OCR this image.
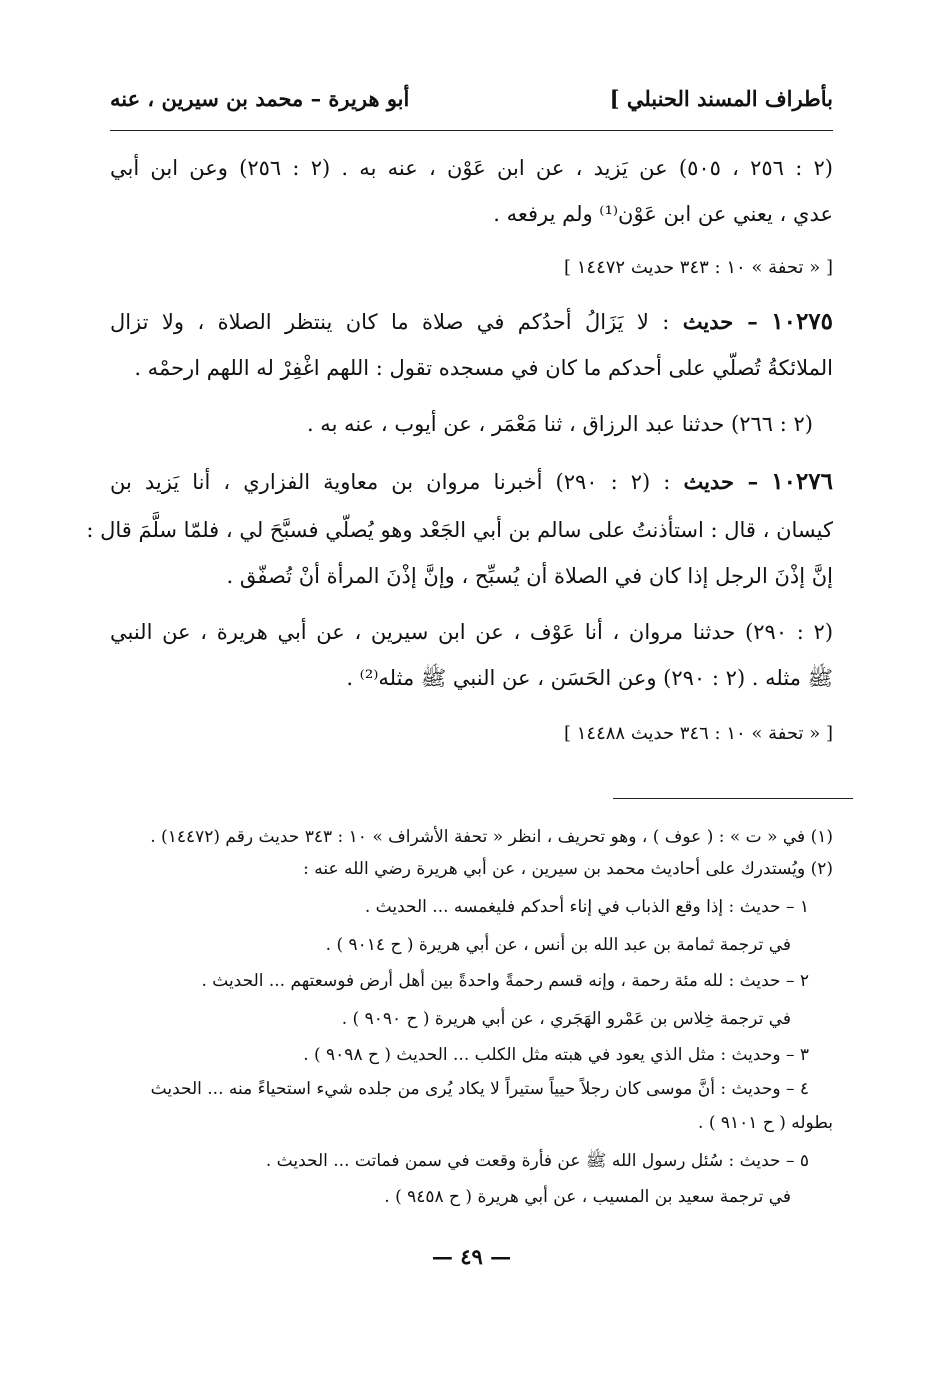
بأطراف المسند الحنبلي ]
أبو هريرة – محمد بن سيرين ، عنه
(٢ : ٢٥٦ ، ٥٠٥) عن يَزيد ، عن ابن عَوْن ، عنه به . (٢ : ٢٥٦) وعن ابن أبي
عدي ، يعني عن ابن عَوْن⁽¹⁾ ولم يرفعه .
[ « تحفة » ١٠ : ٣٤٣ حديث ١٤٤٧٢ ]
١٠٢٧٥ – حديث : لا يَزَالُ أحدُكم في صلاة ما كان ينتظر الصلاة ، ولا تزال
الملائكةُ تُصلّي على أحدكم ما كان في مسجده تقول : اللهم اغْفِرْ له اللهم ارحمْه .
(٢ : ٢٦٦) حدثنا عبد الرزاق ، ثنا مَعْمَر ، عن أيوب ، عنه به .
١٠٢٧٦ – حديث : (٢ : ٢٩٠) أخبرنا مروان بن معاوية الفزاري ، أنا يَزيد بن
كيسان ، قال : استأذنتُ على سالم بن أبي الجَعْد وهو يُصلّي فسبَّحَ لي ، فلمّا سلَّمَ قال :
إنَّ إذْنَ الرجل إذا كان في الصلاة أن يُسبِّح ، وإنَّ إذْنَ المرأة أنْ تُصفّق .
(٢ : ٢٩٠) حدثنا مروان ، أنا عَوْف ، عن ابن سيرين ، عن أبي هريرة ، عن النبي
ﷺ مثله . (٢ : ٢٩٠) وعن الحَسَن ، عن النبي ﷺ مثله⁽²⁾ .
[ « تحفة » ١٠ : ٣٤٦ حديث ١٤٤٨٨ ]
(١) في « ت » : ( عوف ) ، وهو تحريف ، انظر « تحفة الأشراف » ١٠ : ٣٤٣ حديث رقم (١٤٤٧٢) .
(٢) ويُستدرك على أحاديث محمد بن سيرين ، عن أبي هريرة رضي الله عنه :
١ – حديث : إذا وقع الذباب في إناء أحدكم فليغمسه ... الحديث .
في ترجمة ثمامة بن عبد الله بن أنس ، عن أبي هريرة ( ح ٩٠١٤ ) .
٢ – حديث : لله مئة رحمة ، وإنه قسم رحمةً واحدةً بين أهل أرض فوسعتهم ... الحديث .
في ترجمة خِلاس بن عَمْرو الهَجَري ، عن أبي هريرة ( ح ٩٠٩٠ ) .
٣ – وحديث : مثل الذي يعود في هبته مثل الكلب ... الحديث ( ح ٩٠٩٨ ) .
٤ – وحديث : أنَّ موسى كان رجلاً حيياً ستيراً لا يكاد يُرى من جلده شيء استحياءً منه ... الحديث
بطوله ( ح ٩١٠١ ) .
٥ – حديث : سُئل رسول الله ﷺ عن فأرة وقعت في سمن فماتت ... الحديث .
في ترجمة سعيد بن المسيب ، عن أبي هريرة ( ح ٩٤٥٨ ) .
— ٤٩ —
